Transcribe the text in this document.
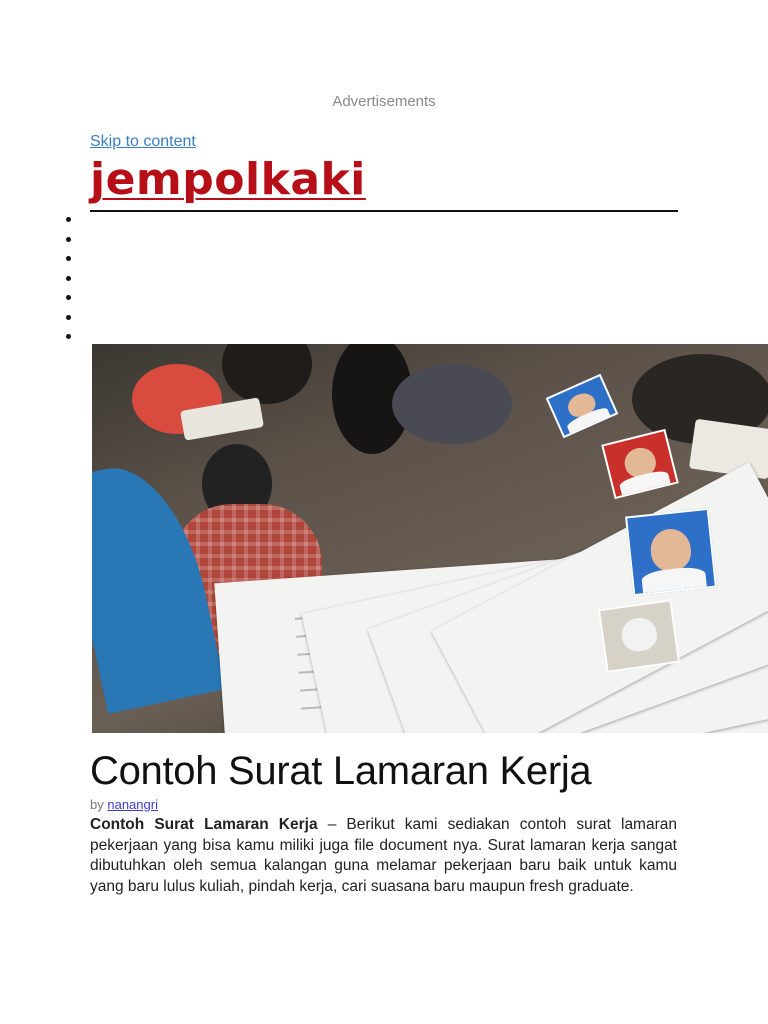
Advertisements
Skip to content
jempolkaki
Contoh Surat Lamaran Kerja
by nanangri

Contoh Surat Lamaran Kerja – Berikut kami sediakan contoh surat lamaran pekerjaan yang bisa kamu miliki juga file document nya. Surat lamaran kerja sangat dibutuhkan oleh semua kalangan guna melamar pekerjaan baru baik untuk kamu yang baru lulus kuliah, pindah kerja, cari suasana baru maupun fresh graduate.
